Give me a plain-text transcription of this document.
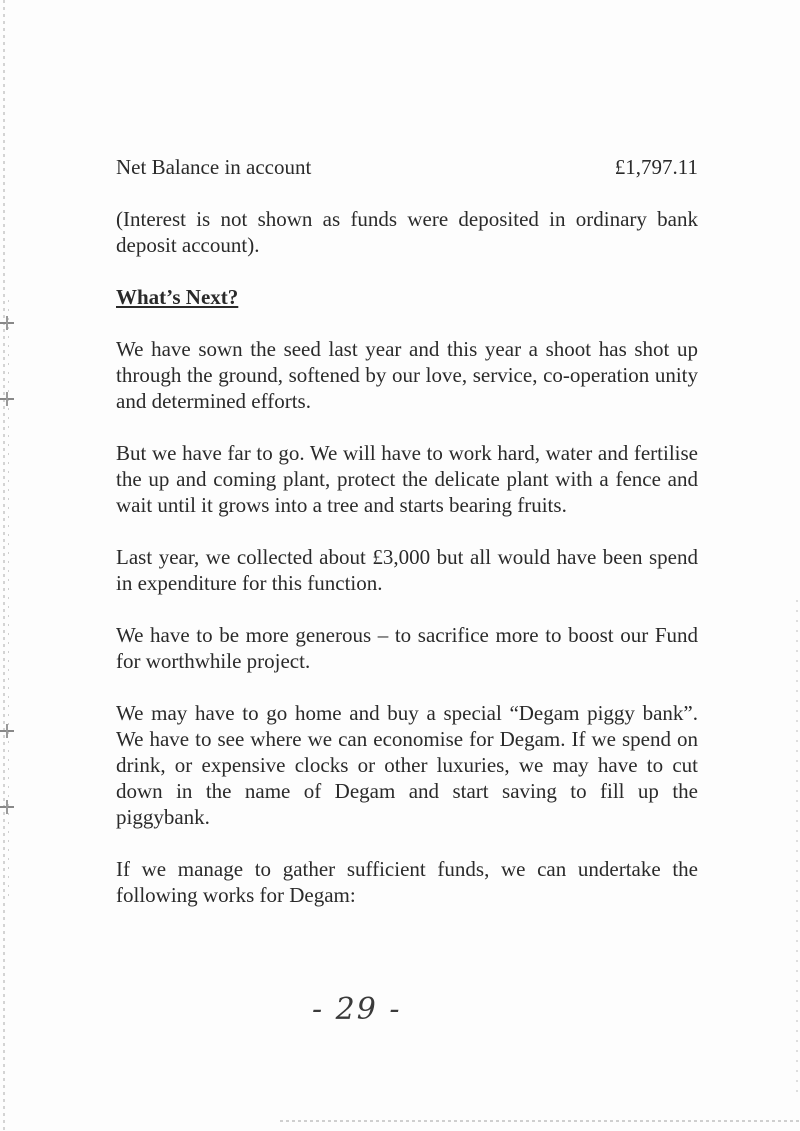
Net Balance in account	£1,797.11

(Interest is not shown as funds were deposited in ordinary bank deposit account).

What’s Next?

We have sown the seed last year and this year a shoot has shot up through the ground, softened by our love, service, co-operation unity and determined efforts.

But we have far to go. We will have to work hard, water and fertilise the up and coming plant, protect the delicate plant with a fence and wait until it grows into a tree and starts bearing fruits.

Last year, we collected about £3,000 but all would have been spend in expenditure for this function.

We have to be more generous – to sacrifice more to boost our Fund for worthwhile project.

We may have to go home and buy a special “Degam piggy bank”. We have to see where we can economise for Degam. If we spend on drink, or expensive clocks or other luxuries, we may have to cut down in the name of Degam and start saving to fill up the piggybank.

If we manage to gather sufficient funds, we can undertake the following works for Degam:

- 29 -
